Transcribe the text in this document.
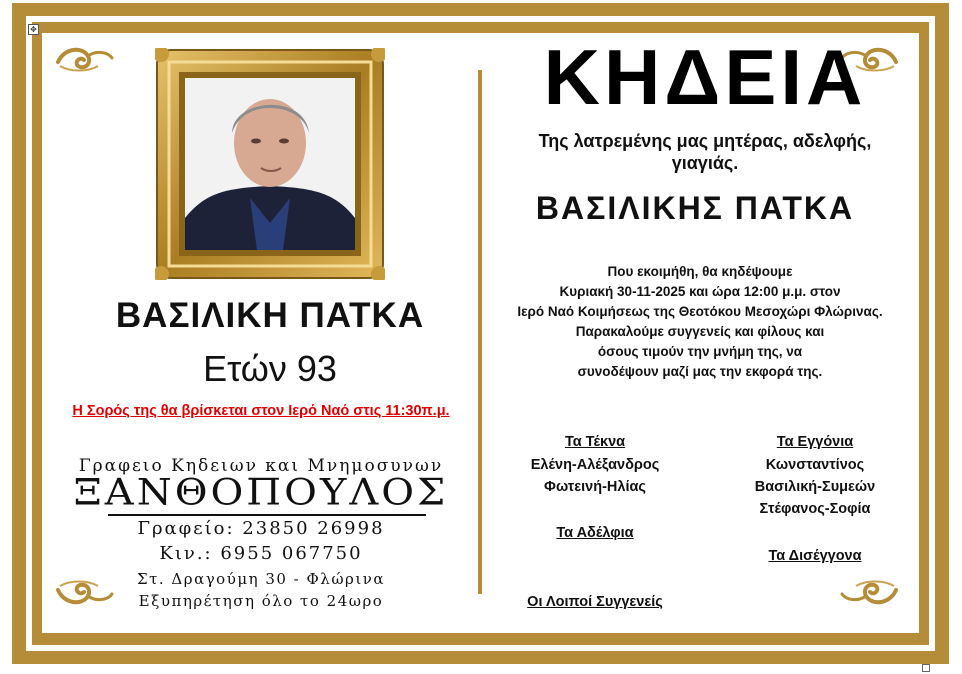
✥
ΒΑΣΙΛΙΚΗ ΠΑΤΚΑ
Ετών 93
Η Σορός της θα βρίσκεται στον Ιερό Ναό στις 11:30π.μ.
Γραφειο Κηδειων και Μνημοσυνων
ΞΑΝΘΟΠΟΥΛΟΣ
Γραφείο: 23850 26998
Κιν.: 6955 067750
Στ. Δραγούμη 30 - Φλώρινα
Εξυπηρέτηση όλο το 24ωρο
ΚΗΔΕΙΑ
Της λατρεμένης μας μητέρας, αδελφής, γιαγιάς.
ΒΑΣΙΛΙΚΗΣ ΠΑΤΚΑ
Που εκοιμήθη, θα κηδέψουμε
Κυριακή 30-11-2025 και ώρα 12:00 μ.μ. στον
Ιερό Ναό Κοιμήσεως της Θεοτόκου Μεσοχώρι Φλώρινας.
Παρακαλούμε συγγενείς και φίλους και
όσους τιμούν την μνήμη της, να
συνοδέψουν μαζί μας την εκφορά της.
Τα Τέκνα
Ελένη-Αλέξανδρος
Φωτεινή-Ηλίας
Τα Αδέλφια
Οι Λοιποί Συγγενείς
Τα Εγγόνια
Κωνσταντίνος
Βασιλική-Συμεών
Στέφανος-Σοφία
Τα Δισέγγονα
